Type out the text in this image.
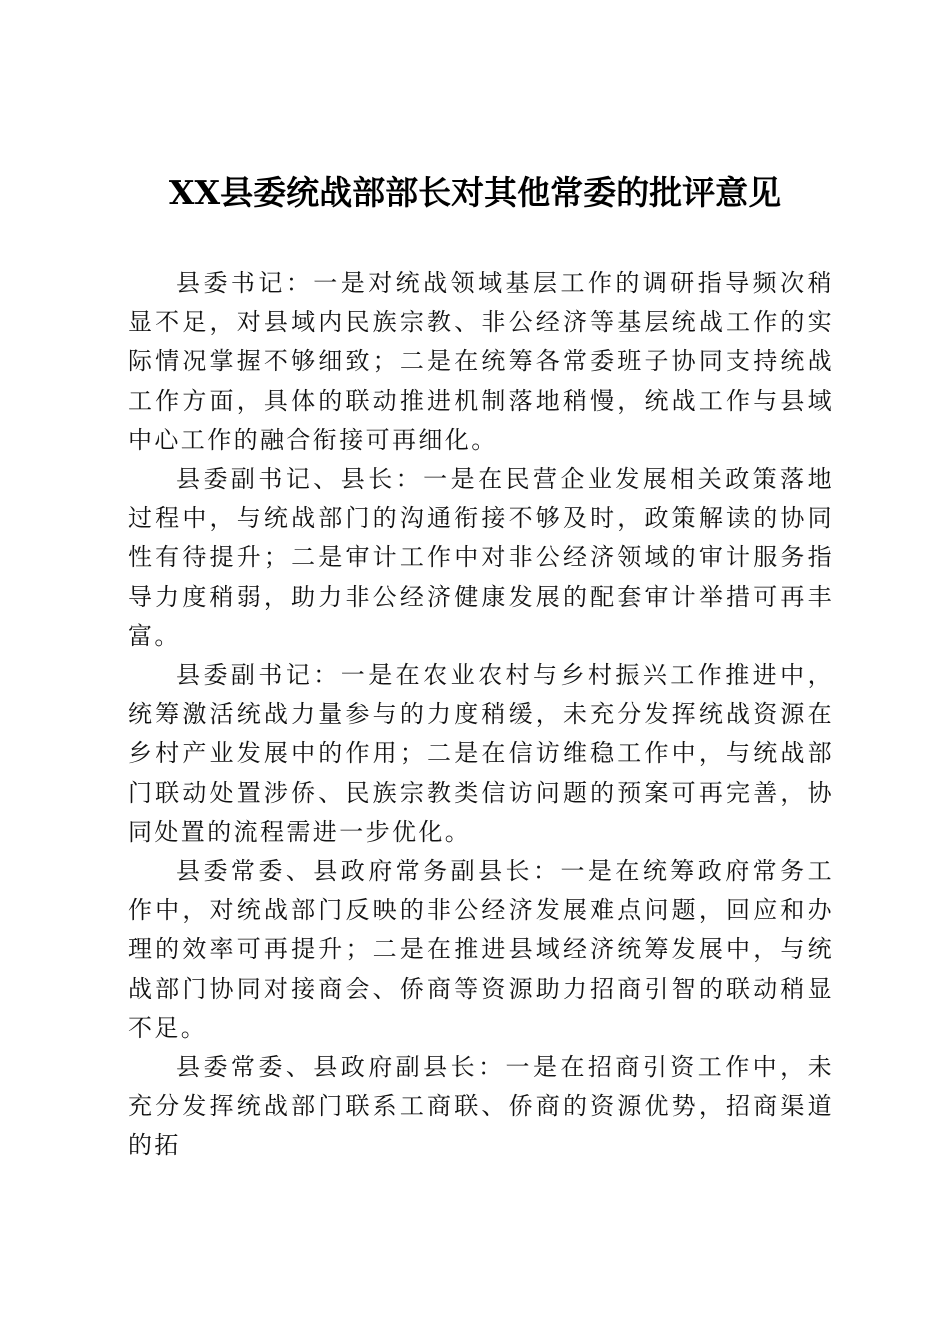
XX县委统战部部长对其他常委的批评意见

县委书记：一是对统战领域基层工作的调研指导频次稍显不足，对县域内民族宗教、非公经济等基层统战工作的实际情况掌握不够细致；二是在统筹各常委班子协同支持统战工作方面，具体的联动推进机制落地稍慢，统战工作与县域中心工作的融合衔接可再细化。

县委副书记、县长：一是在民营企业发展相关政策落地过程中，与统战部门的沟通衔接不够及时，政策解读的协同性有待提升；二是审计工作中对非公经济领域的审计服务指导力度稍弱，助力非公经济健康发展的配套审计举措可再丰富。

县委副书记：一是在农业农村与乡村振兴工作推进中，统筹激活统战力量参与的力度稍缓，未充分发挥统战资源在乡村产业发展中的作用；二是在信访维稳工作中，与统战部门联动处置涉侨、民族宗教类信访问题的预案可再完善，协同处置的流程需进一步优化。

县委常委、县政府常务副县长：一是在统筹政府常务工作中，对统战部门反映的非公经济发展难点问题，回应和办理的效率可再提升；二是在推进县域经济统筹发展中，与统战部门协同对接商会、侨商等资源助力招商引智的联动稍显不足。

县委常委、县政府副县长：一是在招商引资工作中，未充分发挥统战部门联系工商联、侨商的资源优势，招商渠道的拓
